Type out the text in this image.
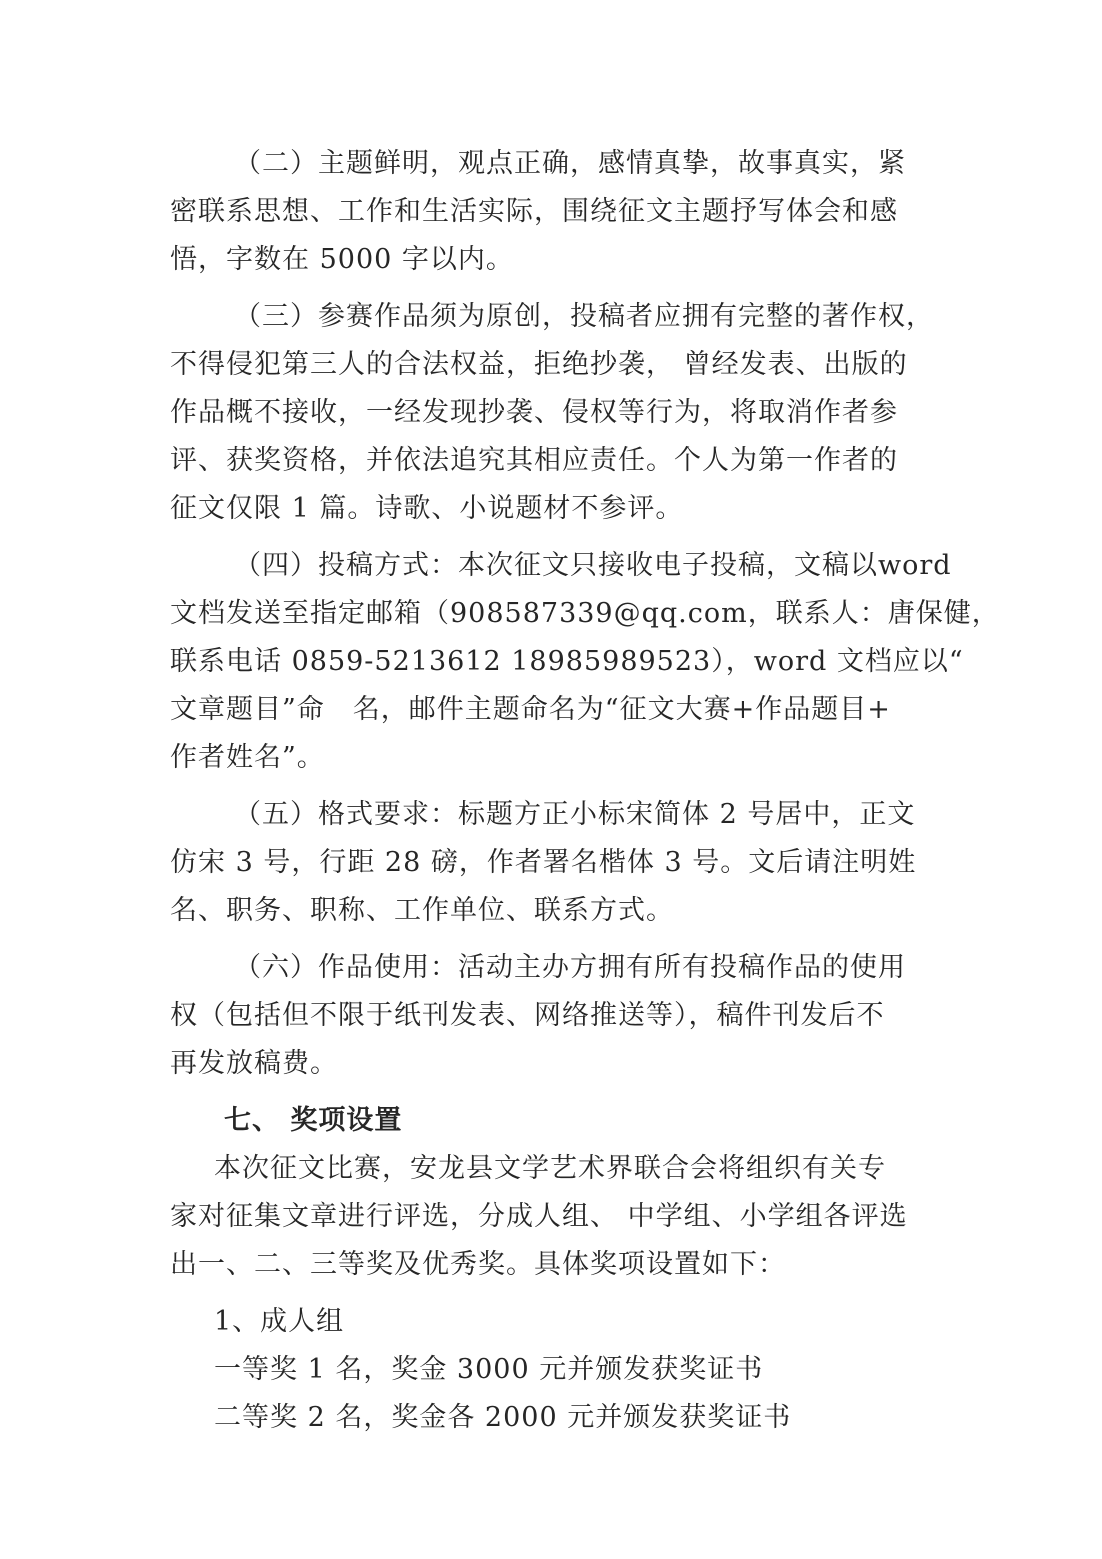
（二）主题鲜明，观点正确，感情真挚，故事真实，紧
密联系思想、工作和生活实际，围绕征文主题抒写体会和感
悟，字数在 5000 字以内。
（三）参赛作品须为原创，投稿者应拥有完整的著作权，
不得侵犯第三人的合法权益，拒绝抄袭， 曾经发表、出版的
作品概不接收，一经发现抄袭、侵权等行为，将取消作者参
评、获奖资格，并依法追究其相应责任。个人为第一作者的
征文仅限 1 篇。诗歌、小说题材不参评。
（四）投稿方式：本次征文只接收电子投稿，文稿以word
文档发送至指定邮箱（908587339@qq.com，联系人：唐保健，
联系电话 0859-5213612 18985989523），word 文档应以“
文章题目”命　名，邮件主题命名为“征文大赛+作品题目+
作者姓名”。
（五）格式要求：标题方正小标宋简体 2 号居中，正文
仿宋 3 号，行距 28 磅，作者署名楷体 3 号。文后请注明姓
名、职务、职称、工作单位、联系方式。
（六）作品使用：活动主办方拥有所有投稿作品的使用
权（包括但不限于纸刊发表、网络推送等），稿件刊发后不
再发放稿费。
七、 奖项设置
本次征文比赛，安龙县文学艺术界联合会将组织有关专
家对征集文章进行评选，分成人组、 中学组、小学组各评选
出一、二、三等奖及优秀奖。具体奖项设置如下：
1、成人组
一等奖 1 名，奖金 3000 元并颁发获奖证书
二等奖 2 名，奖金各 2000 元并颁发获奖证书
